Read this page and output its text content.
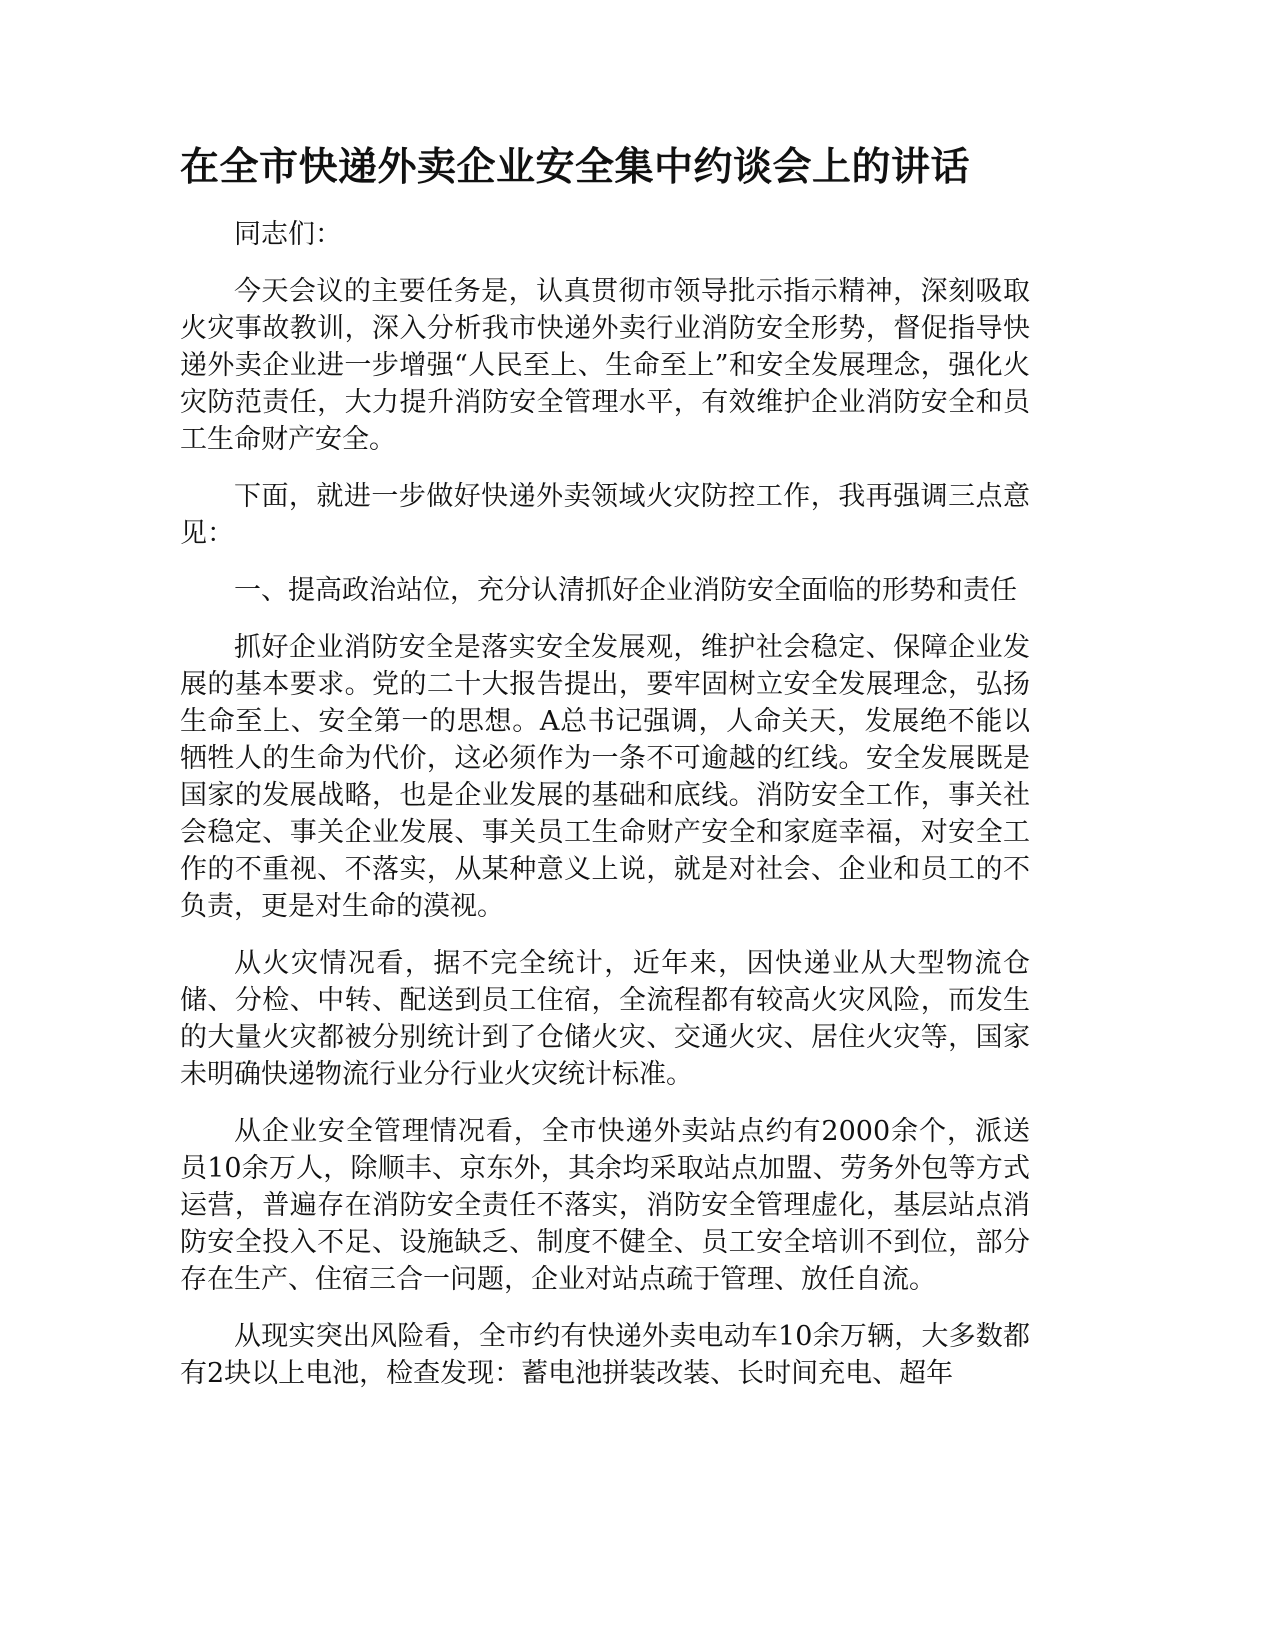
在全市快递外卖企业安全集中约谈会上的讲话

同志们：

今天会议的主要任务是，认真贯彻市领导批示指示精神，深刻吸取火灾事故教训，深入分析我市快递外卖行业消防安全形势，督促指导快递外卖企业进一步增强“人民至上、生命至上”和安全发展理念，强化火灾防范责任，大力提升消防安全管理水平，有效维护企业消防安全和员工生命财产安全。

下面，就进一步做好快递外卖领域火灾防控工作，我再强调三点意见：

一、提高政治站位，充分认清抓好企业消防安全面临的形势和责任

抓好企业消防安全是落实安全发展观，维护社会稳定、保障企业发展的基本要求。党的二十大报告提出，要牢固树立安全发展理念，弘扬生命至上、安全第一的思想。A总书记强调，人命关天，发展绝不能以牺牲人的生命为代价，这必须作为一条不可逾越的红线。安全发展既是国家的发展战略，也是企业发展的基础和底线。消防安全工作，事关社会稳定、事关企业发展、事关员工生命财产安全和家庭幸福，对安全工作的不重视、不落实，从某种意义上说，就是对社会、企业和员工的不负责，更是对生命的漠视。

从火灾情况看，据不完全统计，近年来，因快递业从大型物流仓储、分检、中转、配送到员工住宿，全流程都有较高火灾风险，而发生的大量火灾都被分别统计到了仓储火灾、交通火灾、居住火灾等，国家未明确快递物流行业分行业火灾统计标准。

从企业安全管理情况看，全市快递外卖站点约有2000余个，派送员10余万人，除顺丰、京东外，其余均采取站点加盟、劳务外包等方式运营，普遍存在消防安全责任不落实，消防安全管理虚化，基层站点消防安全投入不足、设施缺乏、制度不健全、员工安全培训不到位，部分存在生产、住宿三合一问题，企业对站点疏于管理、放任自流。

从现实突出风险看，全市约有快递外卖电动车10余万辆，大多数都有2块以上电池，检查发现：蓄电池拼装改装、长时间充电、超年
